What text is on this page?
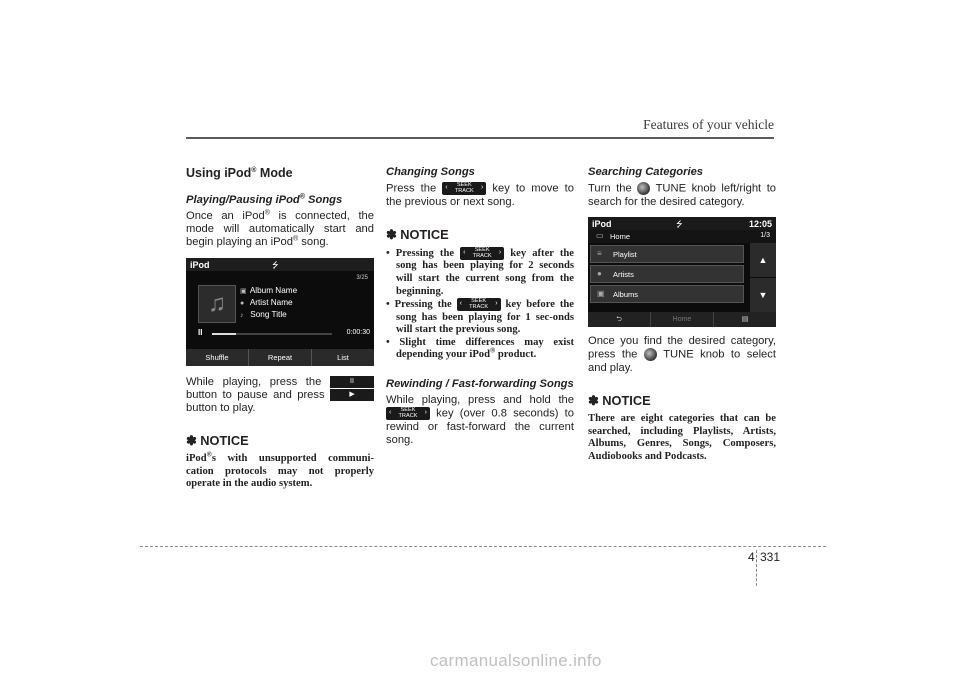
Features of your vehicle
Using iPod® Mode
Playing/Pausing iPod® Songs
Once an iPod® is connected, the mode will automatically start and begin playing an iPod® song.
iPod	⭍
3/25
♫	▣ Album Name
● Artist Name
♪ Song Title
II	0:00:30
Shuffle	Repeat	List
While playing, press the	II button to pause and press	▶ button to play.
✽ NOTICE
iPod®s with unsupported communi-cation protocols may not properly operate in the audio system.
Changing Songs
Press the ‹ SEEK
TRACK › key to move to the previous or next song.
✽ NOTICE
• Pressing the ‹ SEEK
TRACK › key after the song has been playing for 2 seconds will start the current song from the beginning.
• Pressing the ‹ SEEK
TRACK › key before the song has been playing for 1 sec-onds will start the previous song.
• Slight time differences may exist depending your iPod® product.
Rewinding / Fast-forwarding Songs
While playing, press and hold the
‹ SEEK
TRACK › key (over 0.8 seconds) to rewind or fast-forward the current song.
Searching Categories
Turn the TUNE knob left/right to search for the desired category.
iPod	⭍	12:05
▭ Home	1/3
≡ Playlist
● Artists
▣ Albums
▲
▼
⮌	Home	▤
Once you find the desired category, press the TUNE knob to select and play.
✽ NOTICE
There are eight categories that can be searched, including Playlists, Artists, Albums, Genres, Songs, Composers, Audiobooks and Podcasts.
4 331
carmanualsonline.info
